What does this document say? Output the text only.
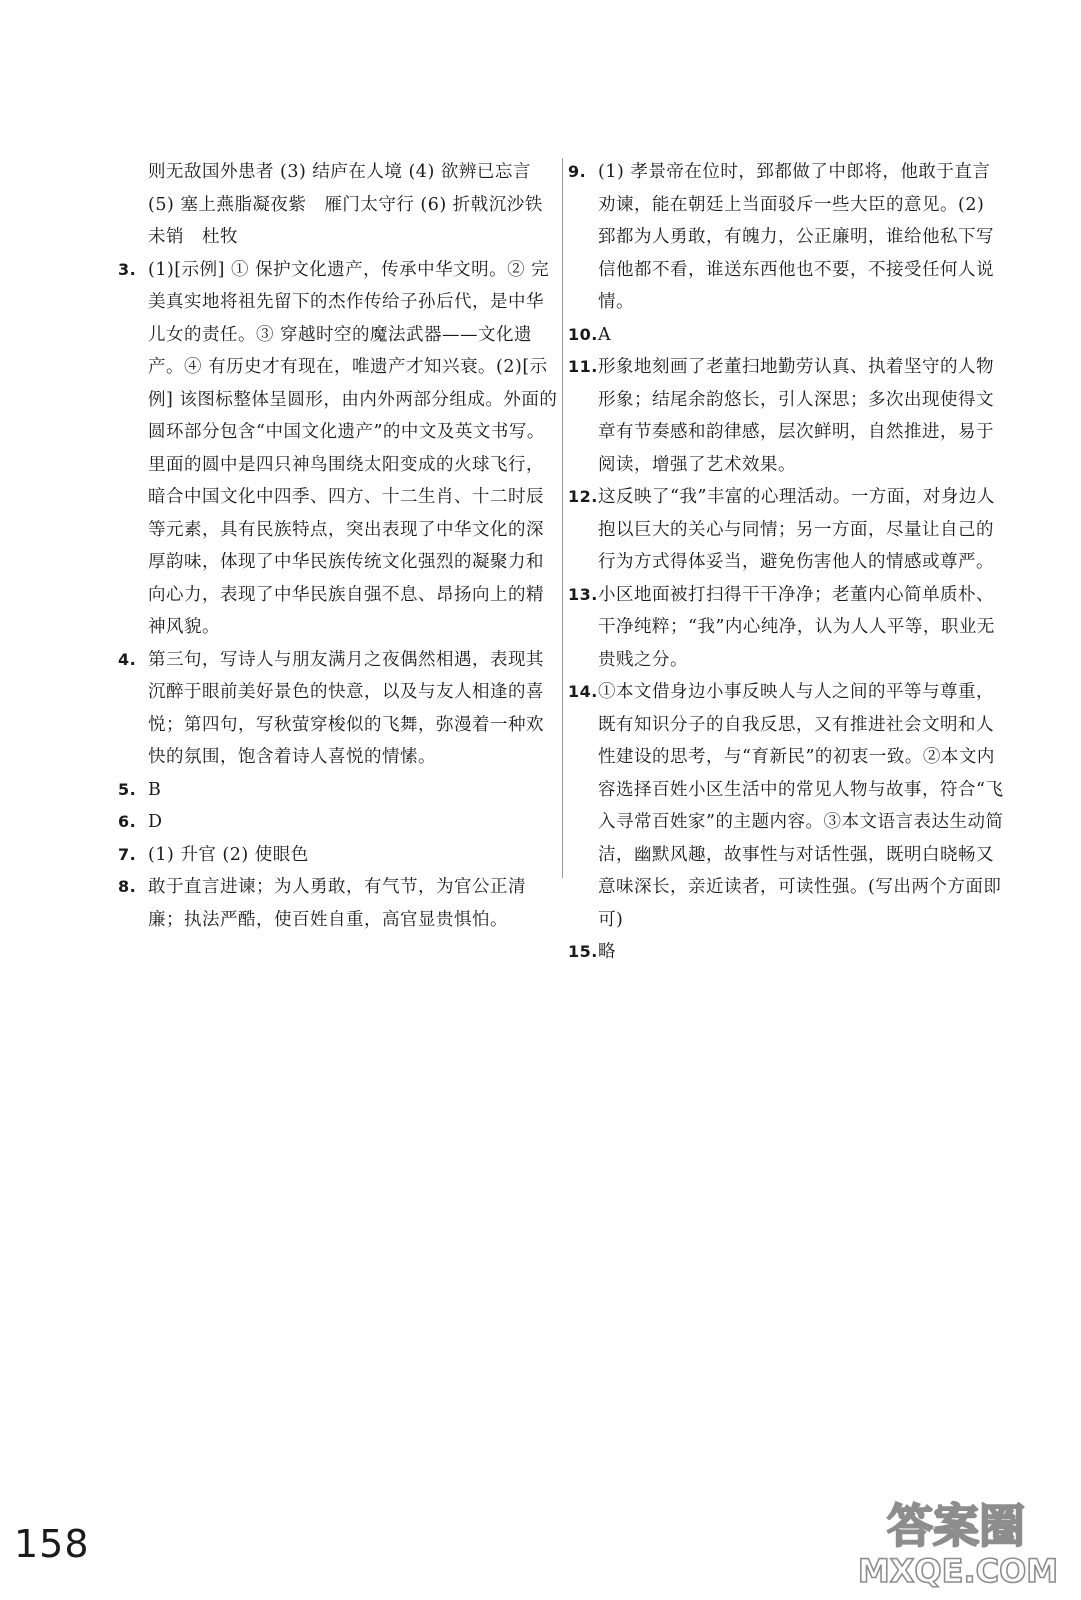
则无敌国外患者 (3) 结庐在人境 (4) 欲辨已忘言 (5) 塞上燕脂凝夜紫　雁门太守行 (6) 折戟沉沙铁未销　杜牧
3. (1)[示例] ① 保护文化遗产，传承中华文明。② 完美真实地将祖先留下的杰作传给子孙后代，是中华儿女的责任。③ 穿越时空的魔法武器——文化遗产。④ 有历史才有现在，唯遗产才知兴衰。(2)[示例] 该图标整体呈圆形，由内外两部分组成。外面的圆环部分包含“中国文化遗产”的中文及英文书写。里面的圆中是四只神鸟围绕太阳变成的火球飞行，暗合中国文化中四季、四方、十二生肖、十二时辰等元素，具有民族特点，突出表现了中华文化的深厚韵味，体现了中华民族传统文化强烈的凝聚力和向心力，表现了中华民族自强不息、昂扬向上的精神风貌。
4. 第三句，写诗人与朋友满月之夜偶然相遇，表现其沉醉于眼前美好景色的快意，以及与友人相逢的喜悦；第四句，写秋萤穿梭似的飞舞，弥漫着一种欢快的氛围，饱含着诗人喜悦的情愫。
5. B
6. D
7. (1) 升官 (2) 使眼色
8. 敢于直言进谏；为人勇敢，有气节，为官公正清廉；执法严酷，使百姓自重，高官显贵惧怕。
9. (1) 孝景帝在位时，郅都做了中郎将，他敢于直言劝谏，能在朝廷上当面驳斥一些大臣的意见。(2) 郅都为人勇敢，有魄力，公正廉明，谁给他私下写信他都不看，谁送东西他也不要，不接受任何人说情。
10. A
11. 形象地刻画了老董扫地勤劳认真、执着坚守的人物形象；结尾余韵悠长，引人深思；多次出现使得文章有节奏感和韵律感，层次鲜明，自然推进，易于阅读，增强了艺术效果。
12. 这反映了“我”丰富的心理活动。一方面，对身边人抱以巨大的关心与同情；另一方面，尽量让自己的行为方式得体妥当，避免伤害他人的情感或尊严。
13. 小区地面被打扫得干干净净；老董内心简单质朴、干净纯粹；“我”内心纯净，认为人人平等，职业无贵贱之分。
14. ①本文借身边小事反映人与人之间的平等与尊重，既有知识分子的自我反思，又有推进社会文明和人性建设的思考，与“育新民”的初衷一致。②本文内容选择百姓小区生活中的常见人物与故事，符合“飞入寻常百姓家”的主题内容。③本文语言表达生动简洁，幽默风趣，故事性与对话性强，既明白晓畅又意味深长，亲近读者，可读性强。(写出两个方面即可)
15. 略
158	答案圈
MXQE.COM
